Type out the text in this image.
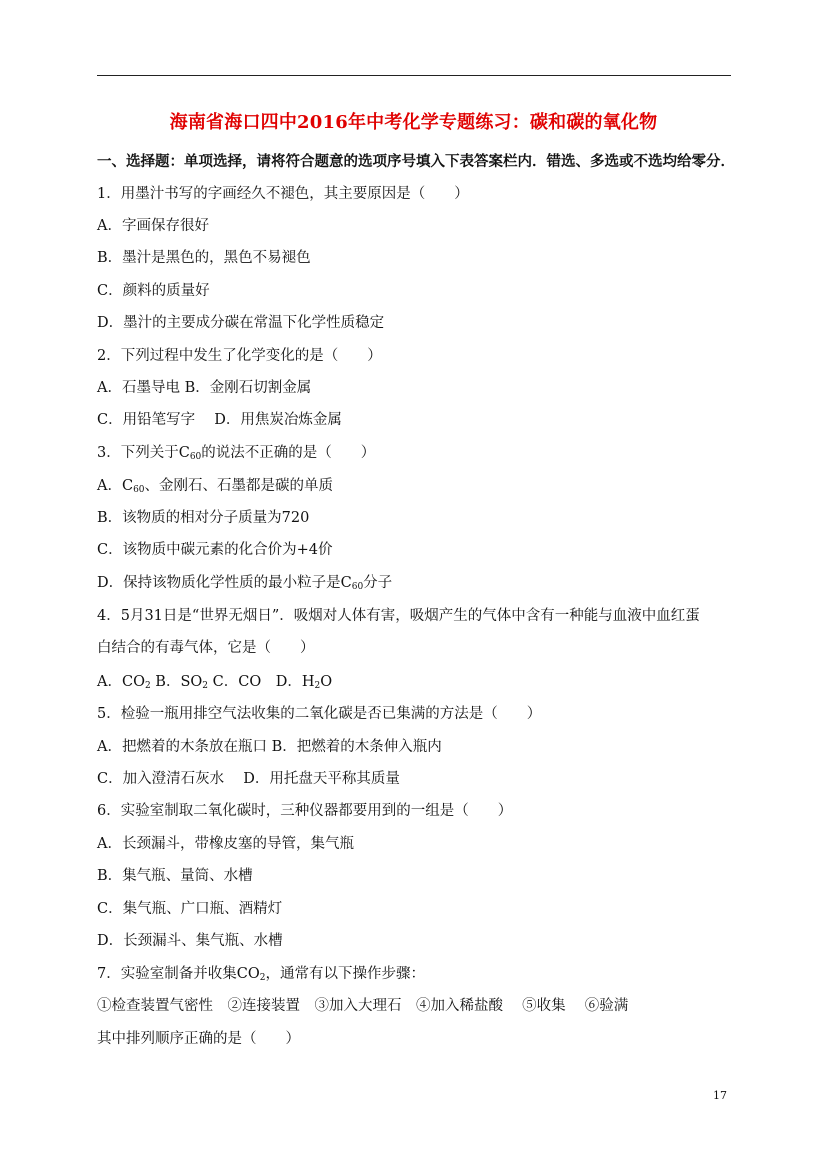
海南省海口四中2016年中考化学专题练习：碳和碳的氧化物
一、选择题：单项选择，请将符合题意的选项序号填入下表答案栏内．错选、多选或不选均给零分．
1．用墨汁书写的字画经久不褪色，其主要原因是（　　）
A．字画保存很好
B．墨汁是黑色的，黑色不易褪色
C．颜料的质量好
D．墨汁的主要成分碳在常温下化学性质稳定
2．下列过程中发生了化学变化的是（　　）
A．石墨导电 B．金刚石切割金属
C．用铅笔写字　 D．用焦炭冶炼金属
3．下列关于$C_{60}$的说法不正确的是（　　）
A．$C_{60}$、金刚石、石墨都是碳的单质
B．该物质的相对分子质量为720
C．该物质中碳元素的化合价为+4价
D．保持该物质化学性质的最小粒子是$C_{60}$分子
4．5月31日是“世界无烟日”．吸烟对人体有害，吸烟产生的气体中含有一种能与血液中血红蛋
白结合的有毒气体，它是（　　）
A．$CO_2$ B．$SO_2$ C．CO　D．$H_2O$
5．检验一瓶用排空气法收集的二氧化碳是否已集满的方法是（　　）
A．把燃着的木条放在瓶口 B．把燃着的木条伸入瓶内
C．加入澄清石灰水　 D．用托盘天平称其质量
6．实验室制取二氧化碳时，三种仪器都要用到的一组是（　　）
A．长颈漏斗，带橡皮塞的导管，集气瓶
B．集气瓶、量筒、水槽
C．集气瓶、广口瓶、酒精灯
D．长颈漏斗、集气瓶、水槽
7．实验室制备并收集$CO_2$，通常有以下操作步骤：
①检查装置气密性　②连接装置　③加入大理石　④加入稀盐酸　 ⑤收集　 ⑥验满
其中排列顺序正确的是（　　）
17
